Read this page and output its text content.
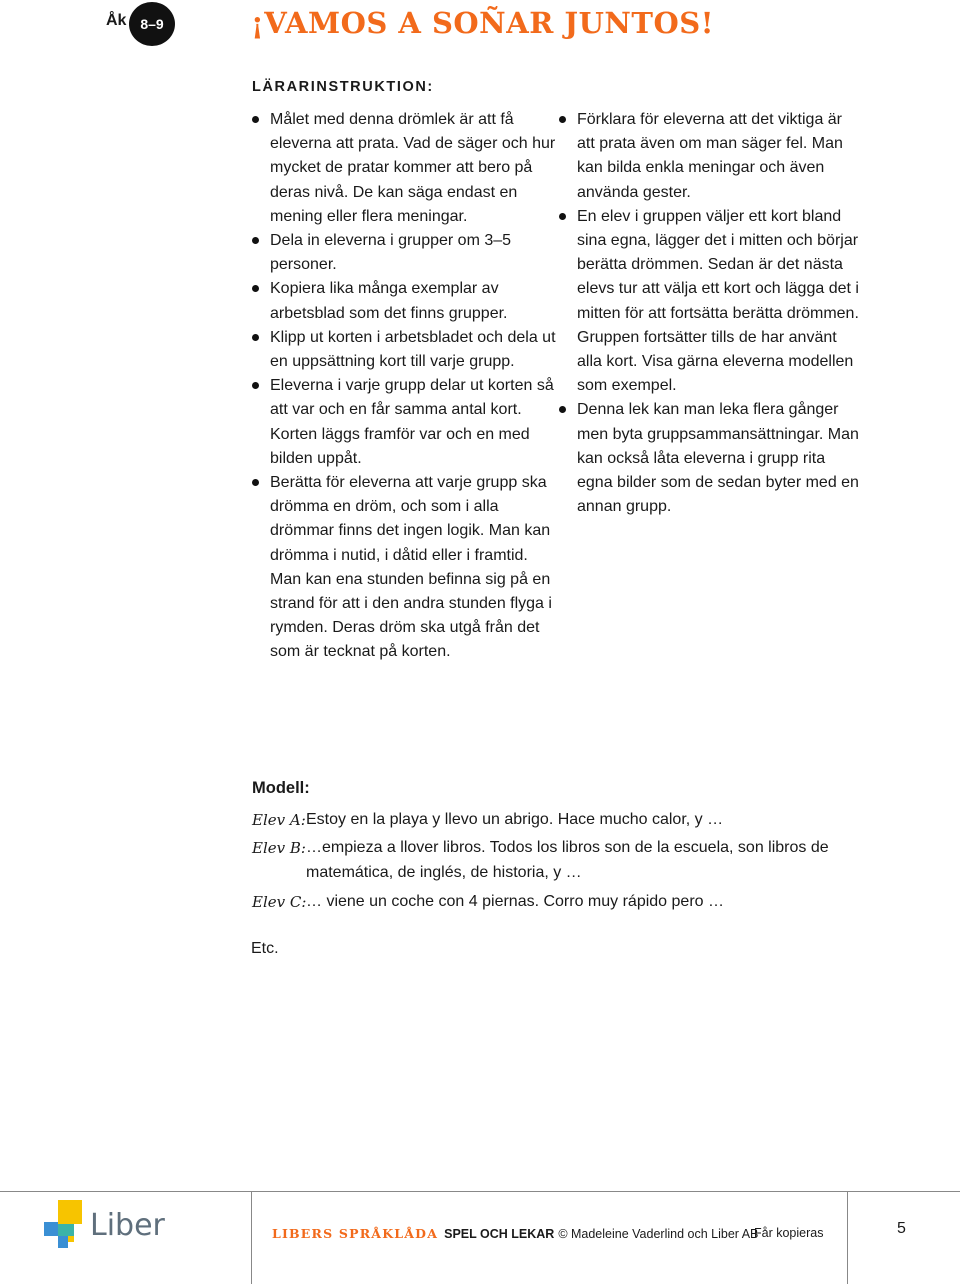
Åk 8–9	¡VAMOS A SOÑAR JUNTOS!
LÄRARINSTRUKTION:
Målet med denna drömlek är att få eleverna att prata. Vad de säger och hur mycket de pratar kommer att bero på deras nivå. De kan säga endast en mening eller flera meningar.
Dela in eleverna i grupper om 3–5 personer.
Kopiera lika många exemplar av arbetsblad som det finns grupper.
Klipp ut korten i arbetsbladet och dela ut en uppsättning kort till varje grupp.
Eleverna i varje grupp delar ut korten så att var och en får samma antal kort. Korten läggs framför var och en med bilden uppåt.
Berätta för eleverna att varje grupp ska drömma en dröm, och som i alla drömmar finns det ingen logik. Man kan drömma i nutid, i dåtid eller i framtid. Man kan ena stunden befinna sig på en strand för att i den andra stunden flyga i rymden. Deras dröm ska utgå från det som är tecknat på korten.
Förklara för eleverna att det viktiga är att prata även om man säger fel. Man kan bilda enkla meningar och även använda gester.
En elev i gruppen väljer ett kort bland sina egna, lägger det i mitten och börjar berätta drömmen. Sedan är det nästa elevs tur att välja ett kort och lägga det i mitten för att fortsätta berätta drömmen. Gruppen fortsätter tills de har använt alla kort. Visa gärna eleverna modellen som exempel.
Denna lek kan man leka flera gånger men byta gruppsammansättningar. Man kan också låta eleverna i grupp rita egna bilder som de sedan byter med en annan grupp.
Modell:
Elev A: Estoy en la playa y llevo un abrigo. Hace mucho calor, y …
Elev B: …empieza a llover libros. Todos los libros son de la escuela, son libros de matemática, de inglés, de historia, y …
Elev C: … viene un coche con 4 piernas. Corro muy rápido pero …
Etc.
Liber	LIBERS SPRÅKLÅDA SPEL OCH LEKAR © Madeleine Vaderlind och Liber AB
Får kopieras	5
